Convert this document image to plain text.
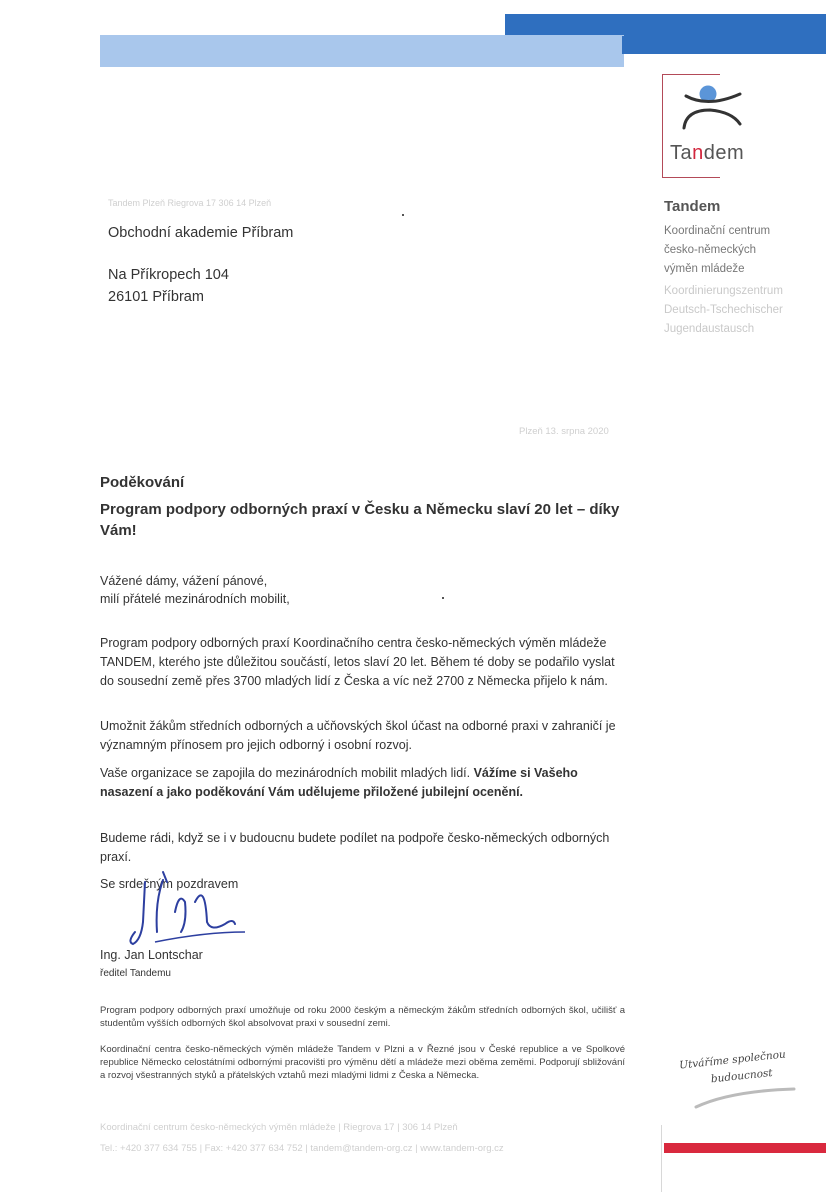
Tandem
Tandem
Koordinační centrum
česko-německých
výměn mládeže
Koordinierungszentrum
Deutsch-Tschechischer
Jugendaustausch
Tandem Plzeň Riegrova 17 306 14 Plzeň
Obchodní akademie Příbram
Na Příkropech 104
26101 Příbram
Plzeň 13. srpna 2020
Poděkování
Program podpory odborných praxí v Česku a Německu slaví 20 let – díky Vám!
Vážené dámy, vážení pánové,
milí přátelé mezinárodních mobilit,
Program podpory odborných praxí Koordinačního centra česko-německých výměn mládeže TANDEM, kterého jste důležitou součástí, letos slaví 20 let. Během té doby se podařilo vyslat do sousední země přes 3700 mladých lidí z Česka a víc než 2700 z Německa přijelo k nám.
Umožnit žákům středních odborných a učňovských škol účast na odborné praxi v zahraničí je významným přínosem pro jejich odborný i osobní rozvoj.
Vaše organizace se zapojila do mezinárodních mobilit mladých lidí. Vážíme si Vašeho nasazení a jako poděkování Vám udělujeme přiložené jubilejní ocenění.
Budeme rádi, když se i v budoucnu budete podílet na podpoře česko-německých odborných praxí.
Se srdečným pozdravem
Ing. Jan Lontschar
ředitel Tandemu
Program podpory odborných praxí umožňuje od roku 2000 českým a německým žákům středních odborných škol, učilišť a studentům vyšších odborných škol absolvovat praxi v sousední zemi.
Koordinační centra česko-německých výměn mládeže Tandem v Plzni a v Řezné jsou v České republice a ve Spolkové republice Německo celostátními odbornými pracovišti pro výměnu dětí a mládeže mezi oběma zeměmi. Podporují sbližování a rozvoj všestranných styků a přátelských vztahů mezi mladými lidmi z Česka a Německa.
Koordinační centrum česko-německých výměn mládeže | Riegrova 17 | 306 14 Plzeň
Tel.: +420 377 634 755 | Fax: +420 377 634 752 | tandem@tandem-org.cz | www.tandem-org.cz
Utváříme společnou
budoucnost
